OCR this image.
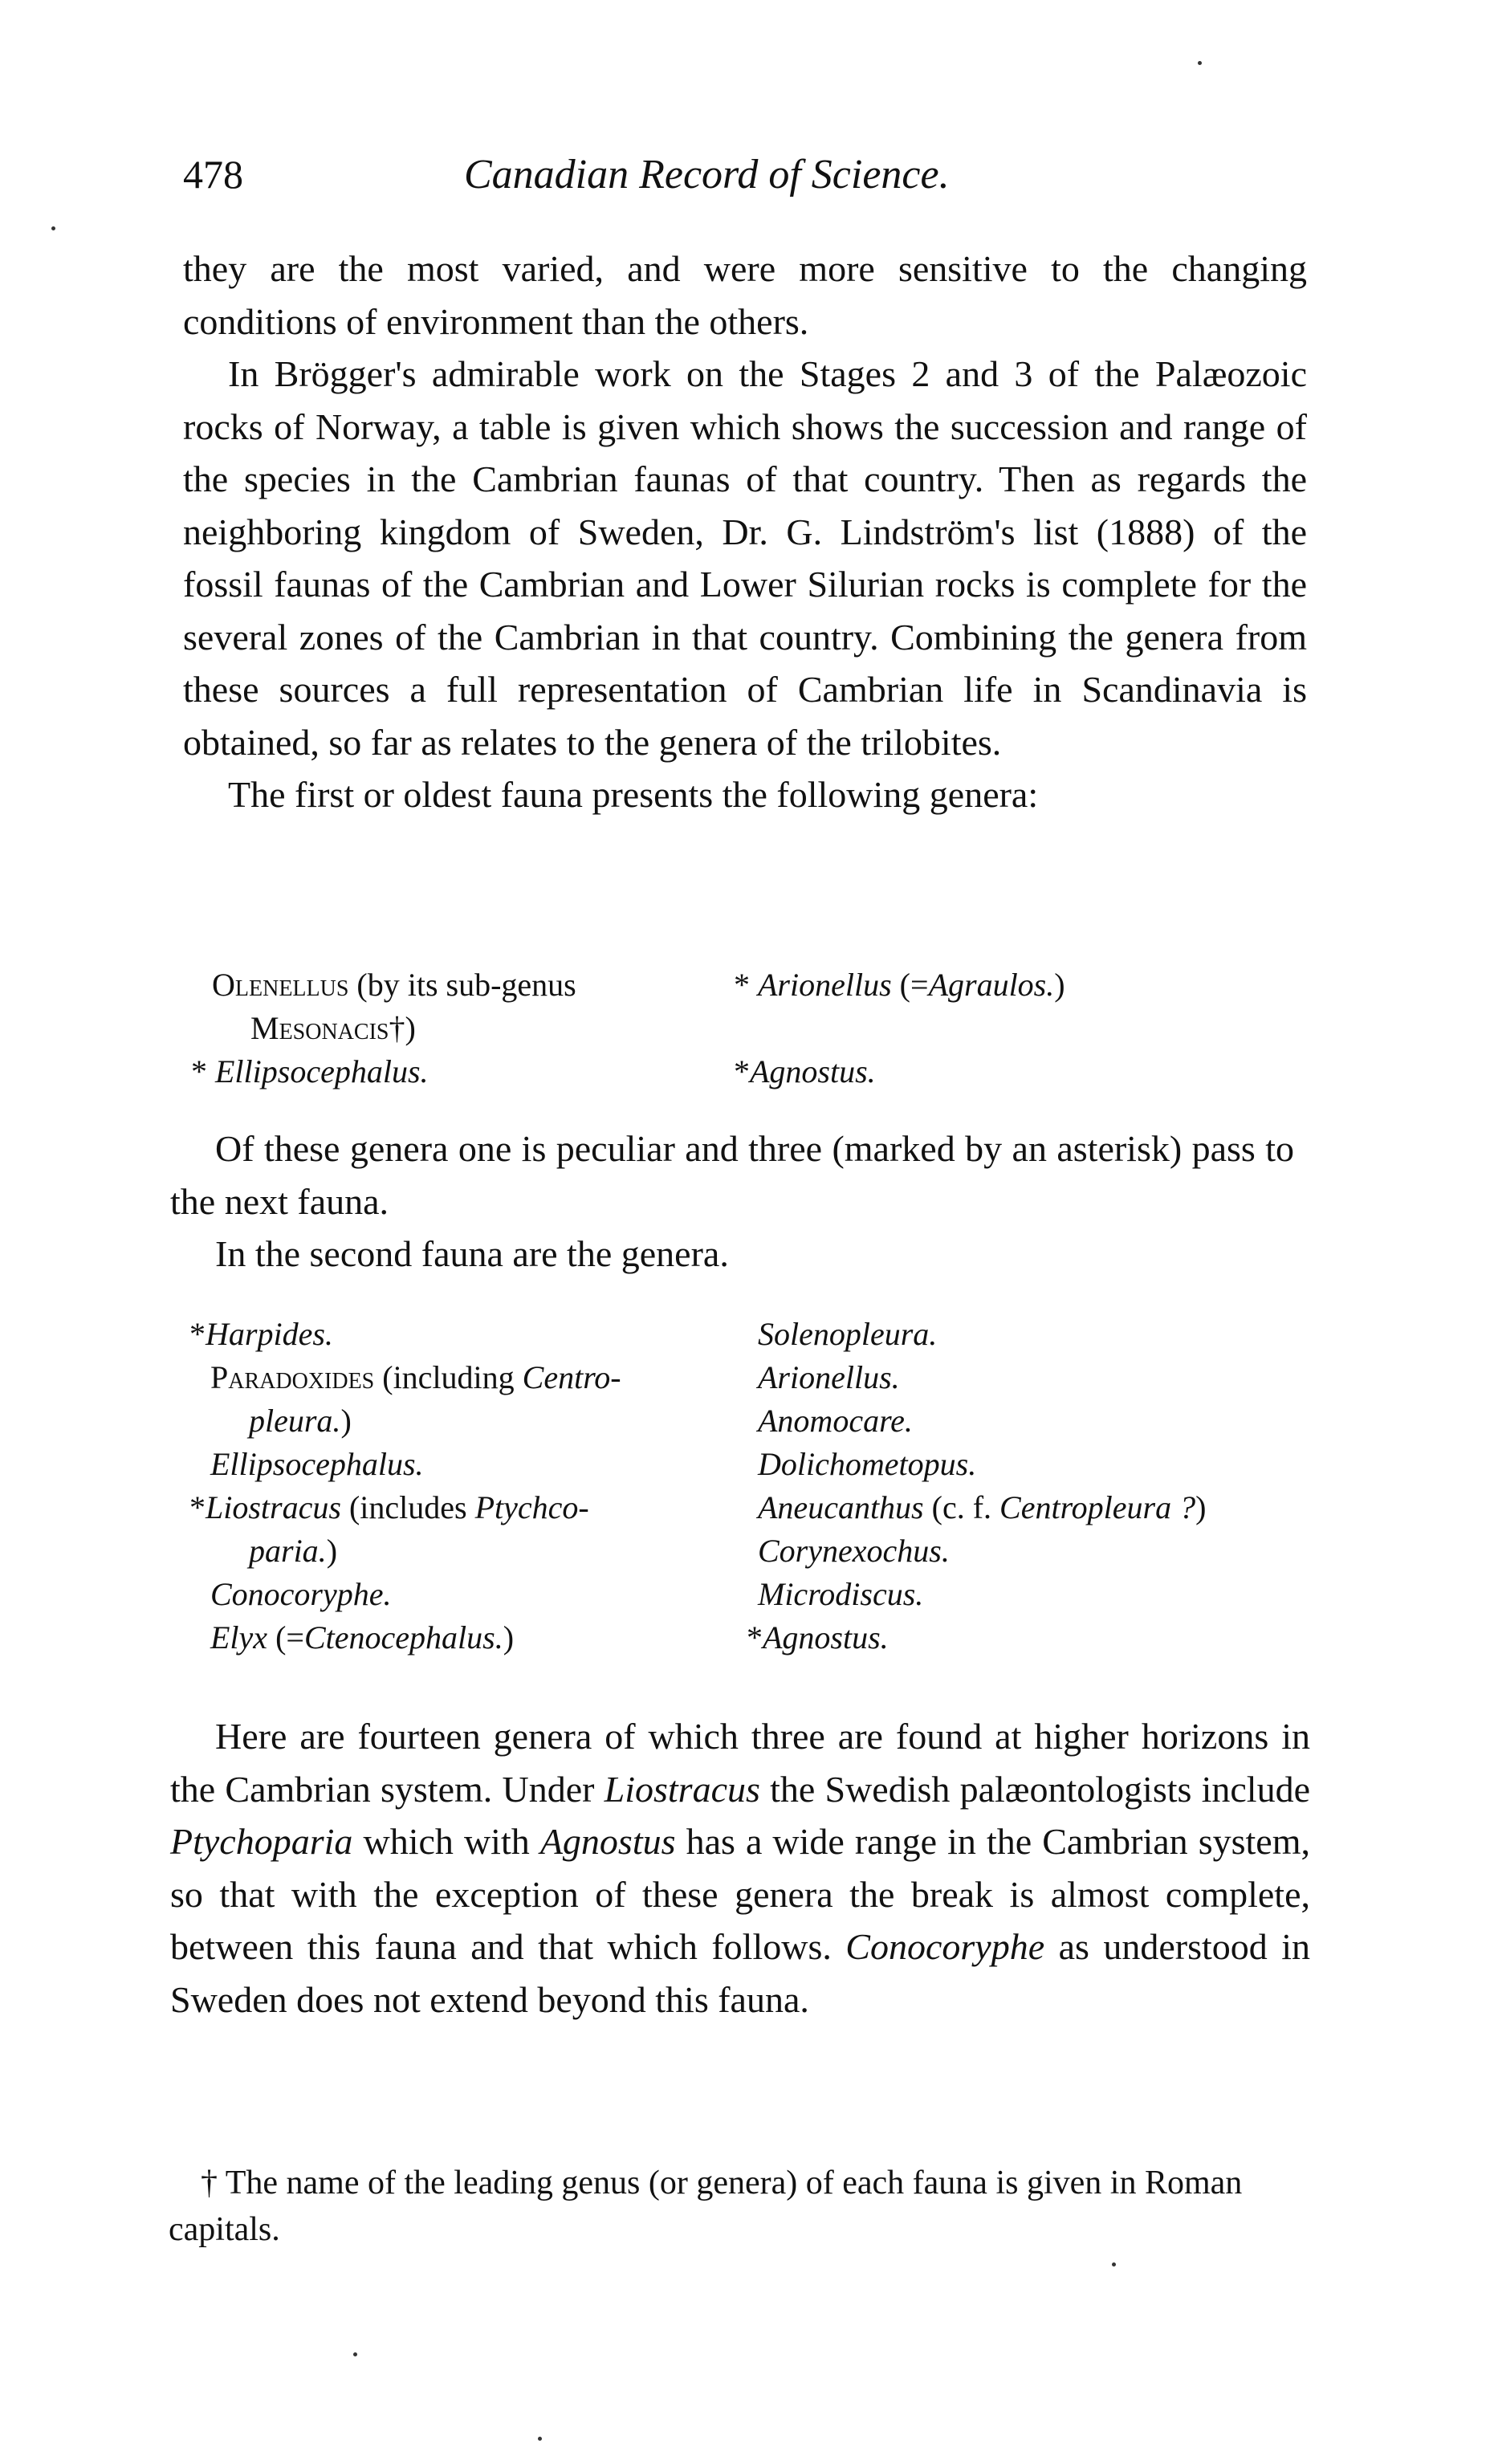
478	Canadian Record of Science.

they are the most varied, and were more sensitive to the changing conditions of environment than the others.

In Brögger's admirable work on the Stages 2 and 3 of the Palæozoic rocks of Norway, a table is given which shows the succession and range of the species in the Cambrian faunas of that country. Then as regards the neighboring kingdom of Sweden, Dr. G. Lindström's list (1888) of the fossil faunas of the Cambrian and Lower Silurian rocks is complete for the several zones of the Cambrian in that country. Combining the genera from these sources a full representation of Cambrian life in Scandinavia is obtained, so far as relates to the genera of the trilobites.

The first or oldest fauna presents the following genera:

Olenellus (by its sub-genus
Mesonacis†)
* Ellipsocephalus.
* Arionellus (=Agraulos.)
*Agnostus.

Of these genera one is peculiar and three (marked by an asterisk) pass to the next fauna.

In the second fauna are the genera.

*Harpides.
Paradoxides (including Centro-
pleura.)
Ellipsocephalus.
*Liostracus (includes Ptychco-
paria.)
Conocoryphe.
Elyx (=Ctenocephalus.)
Solenopleura.
Arionellus.
Anomocare.
Dolichometopus.
Aneucanthus (c. f. Centropleura ?)
Corynexochus.
Microdiscus.
*Agnostus.

Here are fourteen genera of which three are found at higher horizons in the Cambrian system. Under Liostracus the Swedish palæontologists include Ptychoparia which with Agnostus has a wide range in the Cambrian system, so that with the exception of these genera the break is almost complete, between this fauna and that which follows. Conocoryphe as understood in Sweden does not extend beyond this fauna.

† The name of the leading genus (or genera) of each fauna is given in Roman capitals.
